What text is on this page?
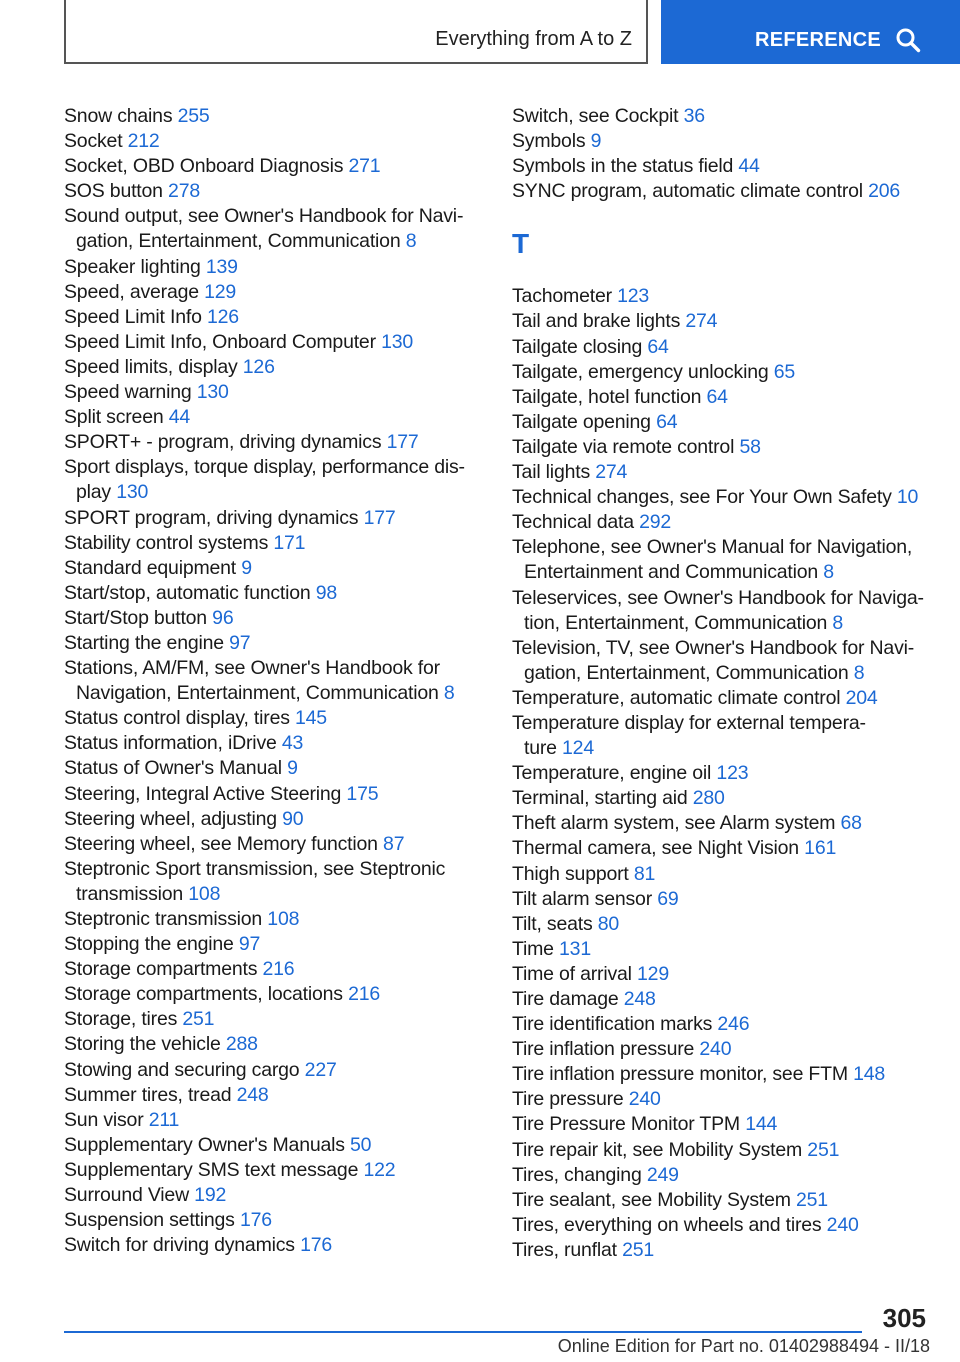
Everything from A to Z	REFERENCE
Snow chains 255
Socket 212
Socket, OBD Onboard Diagnosis 271
SOS button 278
Sound output, see Owner's Handbook for Navi-
gation, Entertainment, Communication 8
Speaker lighting 139
Speed, average 129
Speed Limit Info 126
Speed Limit Info, Onboard Computer 130
Speed limits, display 126
Speed warning 130
Split screen 44
SPORT+ - program, driving dynamics 177
Sport displays, torque display, performance dis-
play 130
SPORT program, driving dynamics 177
Stability control systems 171
Standard equipment 9
Start/stop, automatic function 98
Start/Stop button 96
Starting the engine 97
Stations, AM/FM, see Owner's Handbook for
Navigation, Entertainment, Communication 8
Status control display, tires 145
Status information, iDrive 43
Status of Owner's Manual 9
Steering, Integral Active Steering 175
Steering wheel, adjusting 90
Steering wheel, see Memory function 87
Steptronic Sport transmission, see Steptronic
transmission 108
Steptronic transmission 108
Stopping the engine 97
Storage compartments 216
Storage compartments, locations 216
Storage, tires 251
Storing the vehicle 288
Stowing and securing cargo 227
Summer tires, tread 248
Sun visor 211
Supplementary Owner's Manuals 50
Supplementary SMS text message 122
Surround View 192
Suspension settings 176
Switch for driving dynamics 176
Switch, see Cockpit 36
Symbols 9
Symbols in the status field 44
SYNC program, automatic climate control 206
T
Tachometer 123
Tail and brake lights 274
Tailgate closing 64
Tailgate, emergency unlocking 65
Tailgate, hotel function 64
Tailgate opening 64
Tailgate via remote control 58
Tail lights 274
Technical changes, see For Your Own Safety 10
Technical data 292
Telephone, see Owner's Manual for Navigation,
Entertainment and Communication 8
Teleservices, see Owner's Handbook for Naviga-
tion, Entertainment, Communication 8
Television, TV, see Owner's Handbook for Navi-
gation, Entertainment, Communication 8
Temperature, automatic climate control 204
Temperature display for external tempera-
ture 124
Temperature, engine oil 123
Terminal, starting aid 280
Theft alarm system, see Alarm system 68
Thermal camera, see Night Vision 161
Thigh support 81
Tilt alarm sensor 69
Tilt, seats 80
Time 131
Time of arrival 129
Tire damage 248
Tire identification marks 246
Tire inflation pressure 240
Tire inflation pressure monitor, see FTM 148
Tire pressure 240
Tire Pressure Monitor TPM 144
Tire repair kit, see Mobility System 251
Tires, changing 249
Tire sealant, see Mobility System 251
Tires, everything on wheels and tires 240
Tires, runflat 251
305
Online Edition for Part no. 01402988494 - II/18
